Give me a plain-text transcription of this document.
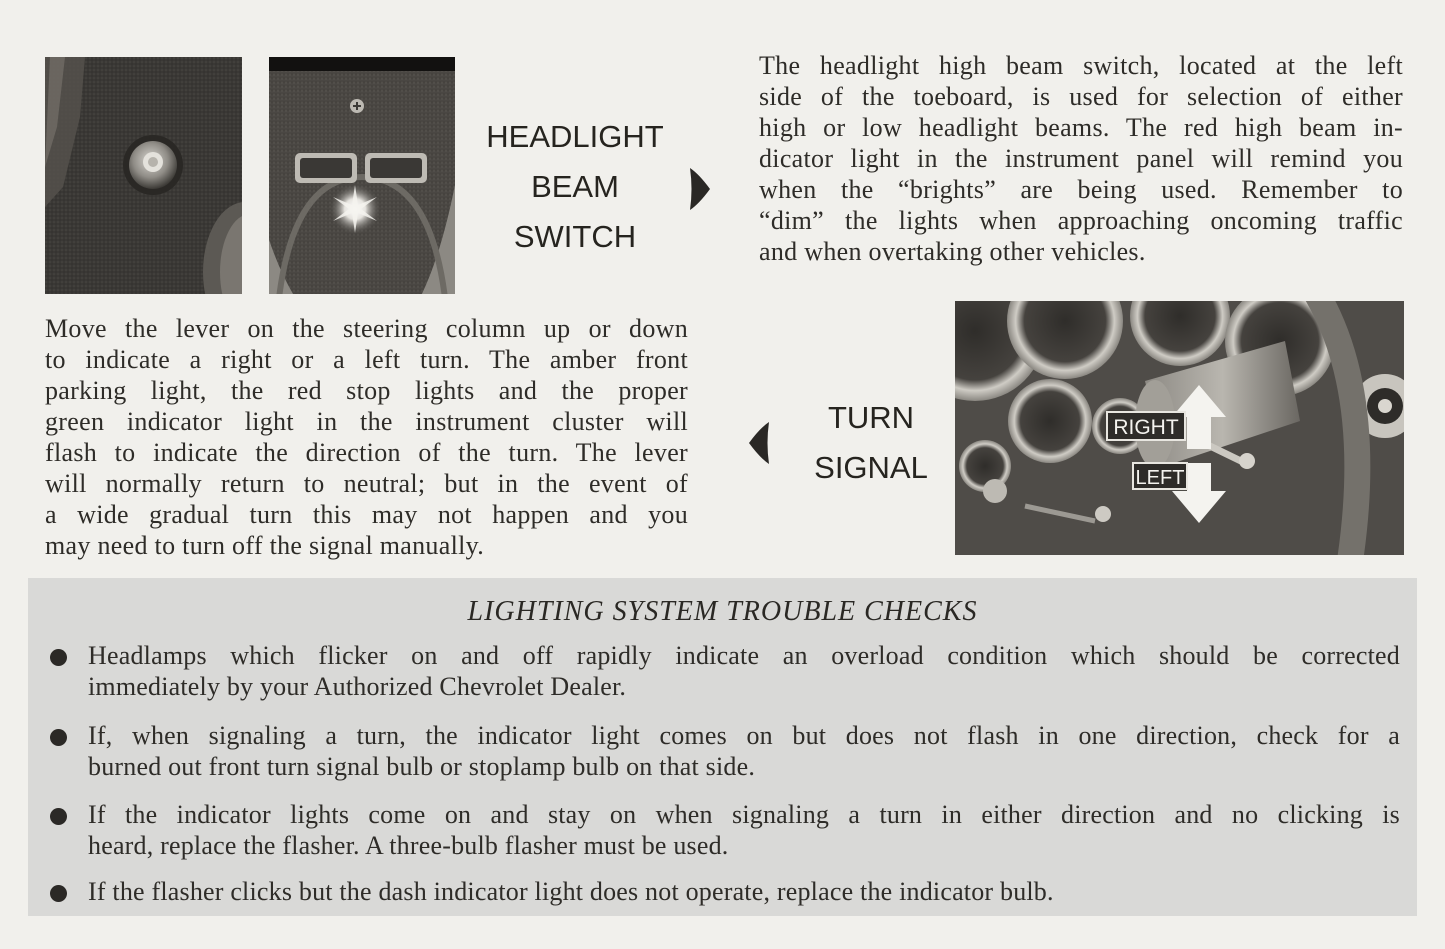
HEADLIGHT
BEAM
SWITCH
The headlight high beam switch, located at the left
side of the toeboard, is used for selection of either
high or low headlight beams. The red high beam in-
dicator light in the instrument panel will remind you
when the “brights” are being used. Remember to
“dim” the lights when approaching oncoming traffic
and when overtaking other vehicles.
Move the lever on the steering column up or down
to indicate a right or a left turn. The amber front
parking light, the red stop lights and the proper
green indicator light in the instrument cluster will
flash to indicate the direction of the turn. The lever
will normally return to neutral; but in the event of
a wide gradual turn this may not happen and you
may need to turn off the signal manually.
TURN
SIGNAL
RIGHT
LEFT
LIGHTING SYSTEM TROUBLE CHECKS
Headlamps which flicker on and off rapidly indicate an overload condition which should be corrected
immediately by your Authorized Chevrolet Dealer.
If, when signaling a turn, the indicator light comes on but does not flash in one direction, check for a
burned out front turn signal bulb or stoplamp bulb on that side.
If the indicator lights come on and stay on when signaling a turn in either direction and no clicking is
heard, replace the flasher. A three-bulb flasher must be used.
If the flasher clicks but the dash indicator light does not operate, replace the indicator bulb.
